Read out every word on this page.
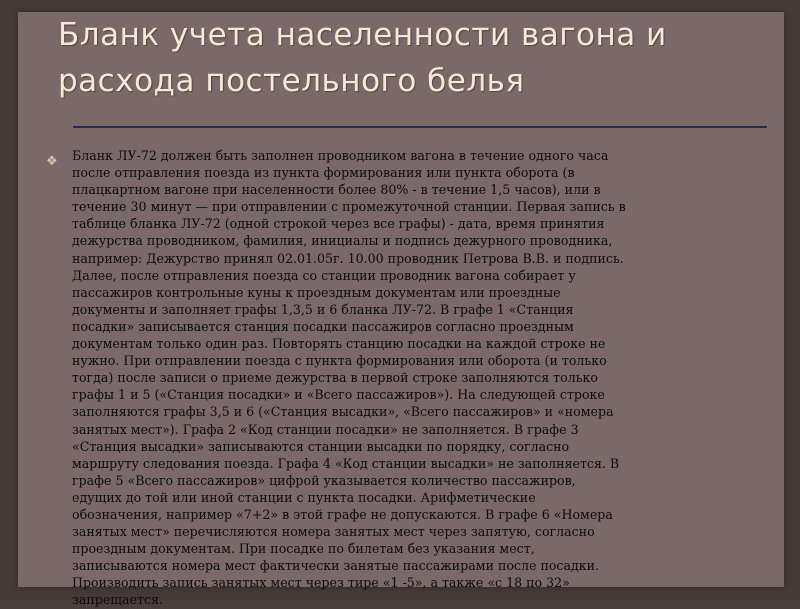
Бланк учета населенности вагона и
расхода постельного белья
❖ Бланк ЛУ-72 должен быть заполнен проводником вагона в течение одного часа
после отправления поезда из пункта формирования или пункта оборота (в
плацкартном вагоне при населенности более 80% - в течение 1,5 часов), или в
течение 30 минут — при отправлении с промежуточной станции. Первая запись в
таблице бланка ЛУ-72 (одной строкой через все графы) - дата, время принятия
дежурства проводником, фамилия, инициалы и подпись дежурного проводника,
например: Дежурство принял 02.01.05г. 10.00 проводник Петрова В.В. и подпись.
Далее, после отправления поезда со станции проводник вагона собирает у
пассажиров контрольные куны к проездным документам или проездные
документы и заполняет графы 1,3,5 и 6 бланка ЛУ-72. В графе 1 «Станция
посадки» записывается станция посадки пассажиров согласно проездным
документам только один раз. Повторять станцию посадки на каждой строке не
нужно. При отправлении поезда с пункта формирования или оборота (и только
тогда) после записи о приеме дежурства в первой строке заполняются только
графы 1 и 5 («Станция посадки» и «Всего пассажиров»). На следующей строке
заполняются графы 3,5 и 6 («Станция высадки», «Всего пассажиров» и «номера
занятых мест»). Графа 2 «Код станции посадки» не заполняется. В графе 3
«Станция высадки» записываются станции высадки по порядку, согласно
маршруту следования поезда. Графа 4 «Код станции высадки» не заполняется. В
графе 5 «Всего пассажиров» цифрой указывается количество пассажиров,
едущих до той или иной станции с пункта посадки. Арифметические
обозначения, например «7+2» в этой графе не допускаются. В графе 6 «Номера
занятых мест» перечисляются номера занятых мест через запятую, согласно
проездным документам. При посадке по билетам без указания мест,
записываются номера мест фактически занятые пассажирами после посадки.
Производить запись занятых мест через тире «1 -5», а также «с 18 по 32»
запрещается.
